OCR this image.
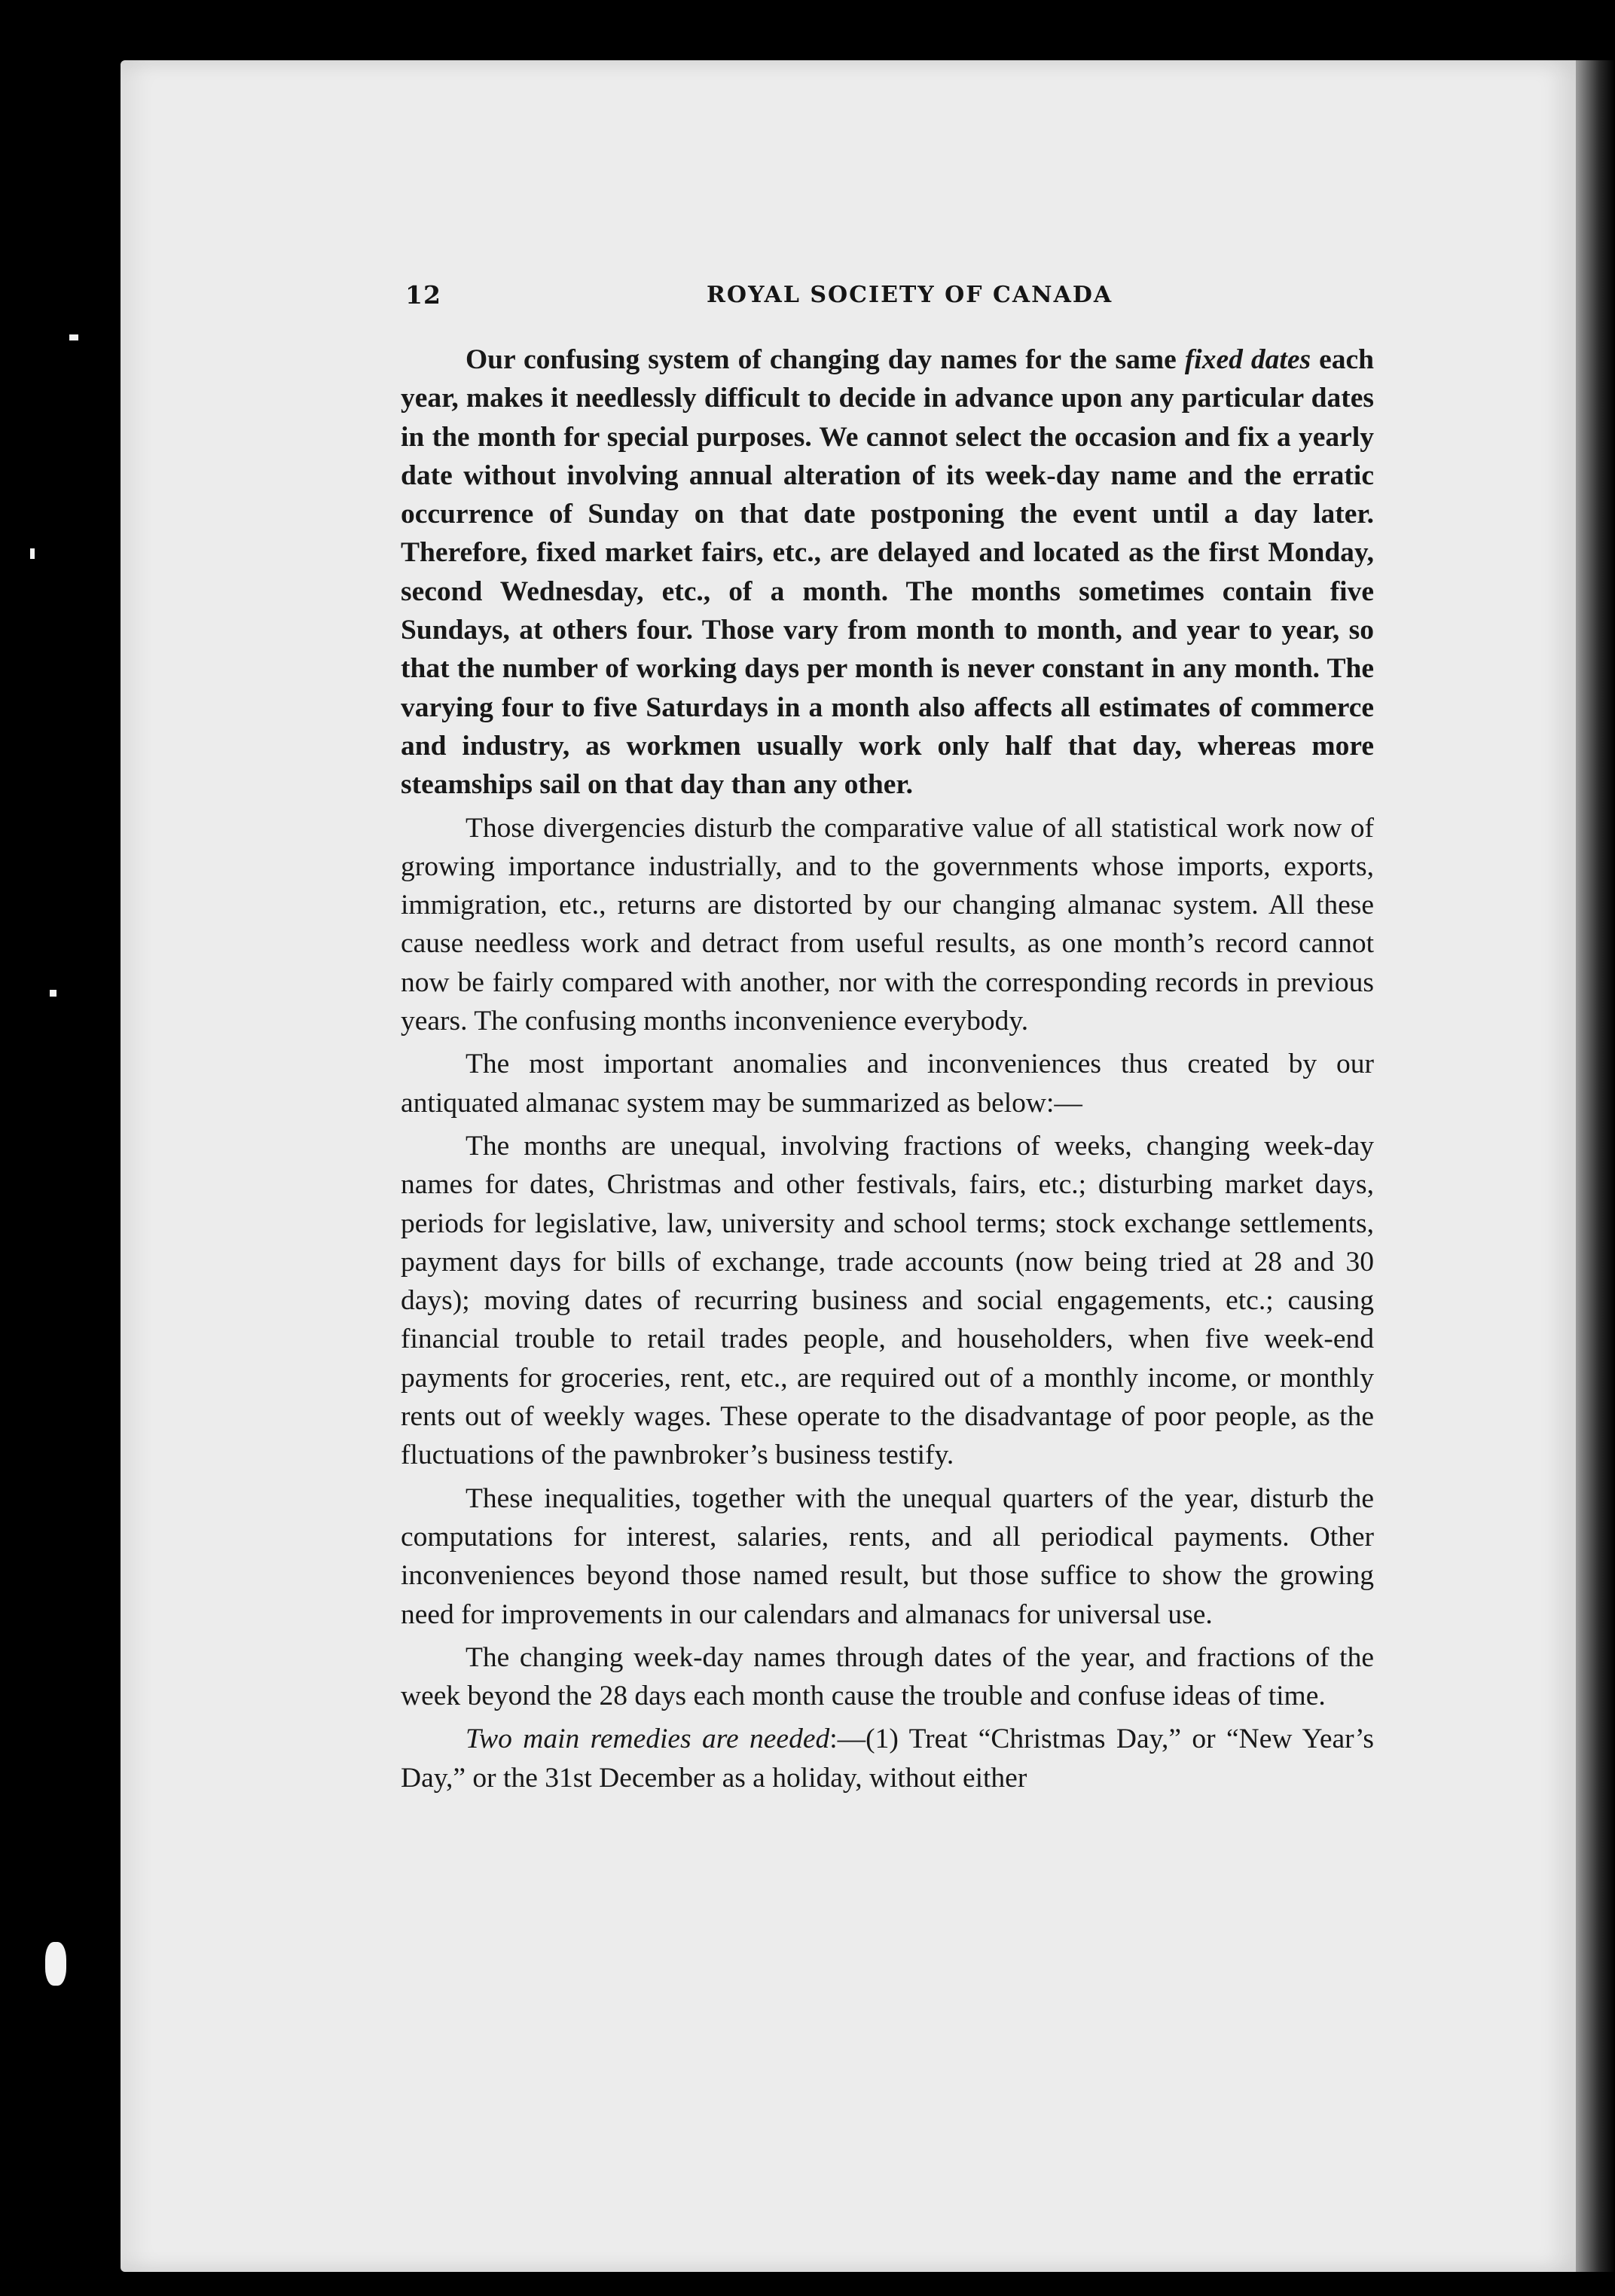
12	ROYAL SOCIETY OF CANADA

Our confusing system of changing day names for the same fixed dates each year, makes it needlessly difficult to decide in advance upon any particular dates in the month for special purposes. We cannot select the occasion and fix a yearly date without involving annual alteration of its week-day name and the erratic occurrence of Sunday on that date postponing the event until a day later. Therefore, fixed market fairs, etc., are delayed and located as the first Monday, second Wednesday, etc., of a month. The months sometimes contain five Sundays, at others four. Those vary from month to month, and year to year, so that the number of working days per month is never constant in any month. The varying four to five Saturdays in a month also affects all estimates of commerce and industry, as workmen usually work only half that day, whereas more steamships sail on that day than any other.

Those divergencies disturb the comparative value of all statistical work now of growing importance industrially, and to the governments whose imports, exports, immigration, etc., returns are distorted by our changing almanac system. All these cause needless work and detract from useful results, as one month’s record cannot now be fairly compared with another, nor with the corresponding records in previous years. The confusing months inconvenience everybody.

The most important anomalies and inconveniences thus created by our antiquated almanac system may be summarized as below:—

The months are unequal, involving fractions of weeks, changing week-day names for dates, Christmas and other festivals, fairs, etc.; disturbing market days, periods for legislative, law, university and school terms; stock exchange settlements, payment days for bills of exchange, trade accounts (now being tried at 28 and 30 days); moving dates of recurring business and social engagements, etc.; causing financial trouble to retail trades people, and householders, when five week-end payments for groceries, rent, etc., are required out of a monthly income, or monthly rents out of weekly wages. These operate to the disadvantage of poor people, as the fluctuations of the pawnbroker’s business testify.

These inequalities, together with the unequal quarters of the year, disturb the computations for interest, salaries, rents, and all periodical payments. Other inconveniences beyond those named result, but those suffice to show the growing need for improvements in our calendars and almanacs for universal use.

The changing week-day names through dates of the year, and fractions of the week beyond the 28 days each month cause the trouble and confuse ideas of time.

Two main remedies are needed:—(1) Treat “Christmas Day,” or “New Year’s Day,” or the 31st December as a holiday, without either
